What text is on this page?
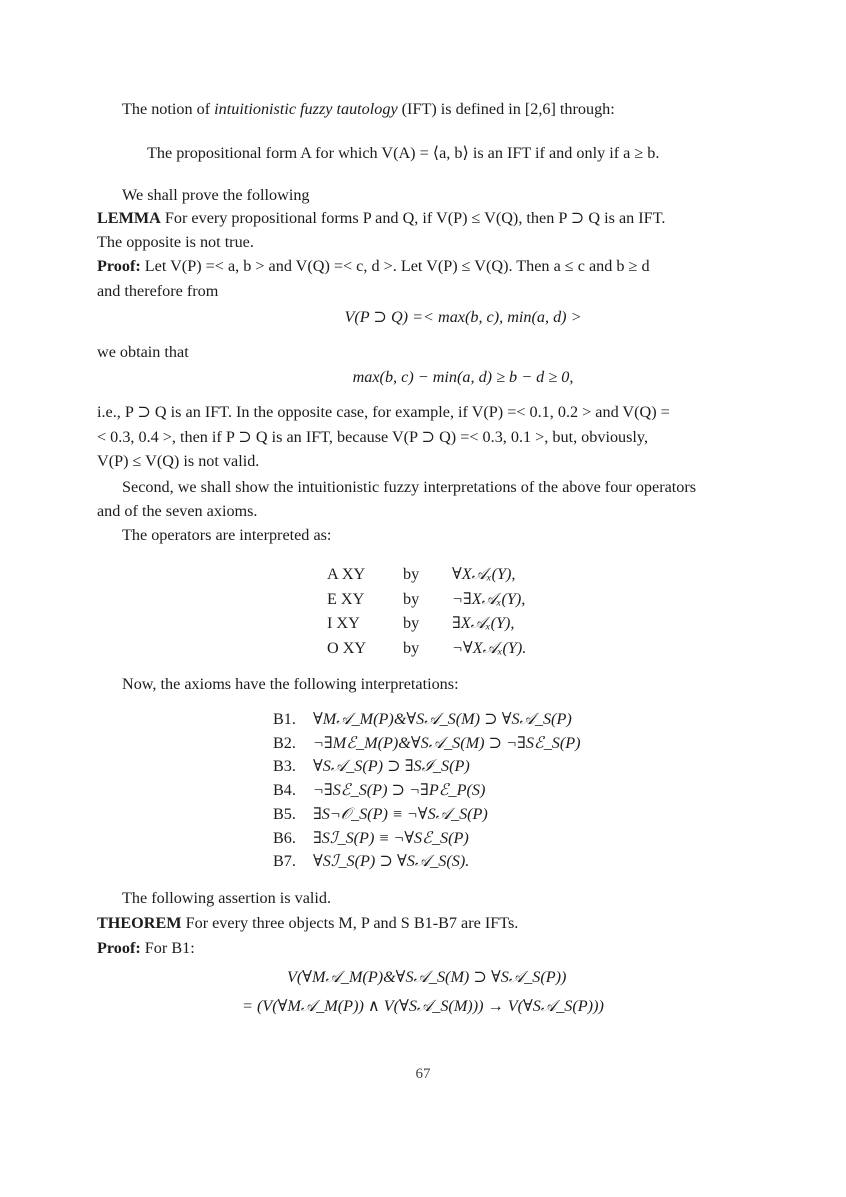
The notion of intuitionistic fuzzy tautology (IFT) is defined in [2,6] through:
The propositional form A for which V(A) = ⟨a, b⟩ is an IFT if and only if a ≥ b.
We shall prove the following
LEMMA For every propositional forms P and Q, if V(P) ≤ V(Q), then P ⊃ Q is an IFT.
The opposite is not true.
Proof: Let V(P) =< a, b > and V(Q) =< c, d >. Let V(P) ≤ V(Q). Then a ≤ c and b ≥ d
and therefore from
V(P ⊃ Q) =< max(b, c), min(a, d) >
we obtain that
max(b, c) − min(a, d) ≥ b − d ≥ 0,
i.e., P ⊃ Q is an IFT. In the opposite case, for example, if V(P) =< 0.1, 0.2 > and V(Q) =
< 0.3, 0.4 >, then if P ⊃ Q is an IFT, because V(P ⊃ Q) =< 0.3, 0.1 >, but, obviously,
V(P) ≤ V(Q) is not valid.
Second, we shall show the intuitionistic fuzzy interpretations of the above four operators
and of the seven axioms.
The operators are interpreted as:
A XY	by	∀X𝒜ₓ(Y),
E XY	by	¬∃X𝒜ₓ(Y),
I XY	by	∃X𝒜ₓ(Y),
O XY	by	¬∀X𝒜ₓ(Y).
Now, the axioms have the following interpretations:
B1.	∀M𝒜_M(P)&∀S𝒜_S(M) ⊃ ∀S𝒜_S(P)
B2.	¬∃Mℰ_M(P)&∀S𝒜_S(M) ⊃ ¬∃Sℰ_S(P)
B3.	∀S𝒜_S(P) ⊃ ∃Sℐ_S(P)
B4.	¬∃Sℰ_S(P) ⊃ ¬∃Pℰ_P(S)
B5.	∃S¬𝒪_S(P) ≡ ¬∀S𝒜_S(P)
B6.	∃Sℐ_S(P) ≡ ¬∀Sℰ_S(P)
B7.	∀Sℐ_S(P) ⊃ ∀S𝒜_S(S).
The following assertion is valid.
THEOREM For every three objects M, P and S B1-B7 are IFTs.
Proof: For B1:
V(∀M𝒜_M(P)&∀S𝒜_S(M) ⊃ ∀S𝒜_S(P))
= (V(∀M𝒜_M(P)) ∧ V(∀S𝒜_S(M))) → V(∀S𝒜_S(P)))
67
